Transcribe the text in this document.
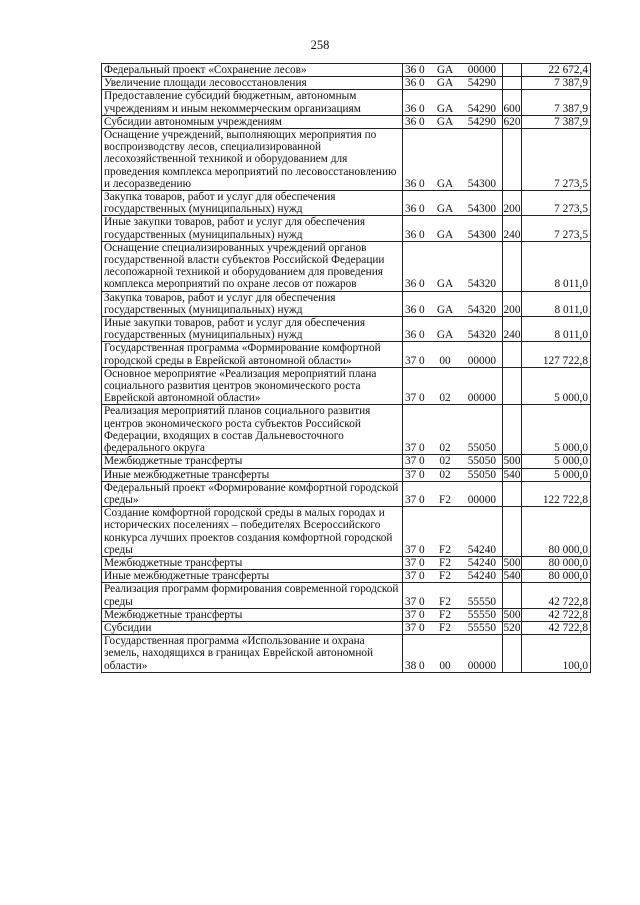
258
Федеральный проект «Сохранение лесов»	36 0 GA 00000		22 672,4
Увеличение площади лесовосстановления	36 0 GA 54290		7 387,9
Предоставление субсидий бюджетным, автономным учреждениям и иным некоммерческим организациям	36 0 GA 54290	600	7 387,9
Субсидии автономным учреждениям	36 0 GA 54290	620	7 387,9
Оснащение учреждений, выполняющих мероприятия по воспроизводству лесов, специализированной лесохозяйственной техникой и оборудованием для проведения комплекса мероприятий по лесовосстановлению и лесоразведению	36 0 GA 54300		7 273,5
Закупка товаров, работ и услуг для обеспечения государственных (муниципальных) нужд	36 0 GA 54300	200	7 273,5
Иные закупки товаров, работ и услуг для обеспечения государственных (муниципальных) нужд	36 0 GA 54300	240	7 273,5
Оснащение специализированных учреждений органов государственной власти субъектов Российской Федерации лесопожарной техникой и оборудованием для проведения комплекса мероприятий по охране лесов от пожаров	36 0 GA 54320		8 011,0
Закупка товаров, работ и услуг для обеспечения государственных (муниципальных) нужд	36 0 GA 54320	200	8 011,0
Иные закупки товаров, работ и услуг для обеспечения государственных (муниципальных) нужд	36 0 GA 54320	240	8 011,0
Государственная программа «Формирование комфортной городской среды в Еврейской автономной области»	37 0 00 00000		127 722,8
Основное мероприятие «Реализация мероприятий плана социального развития центров экономического роста Еврейской автономной области»	37 0 02 00000		5 000,0
Реализация мероприятий планов социального развития центров экономического роста субъектов Российской Федерации, входящих в состав Дальневосточного федерального округа	37 0 02 55050		5 000,0
Межбюджетные трансферты	37 0 02 55050	500	5 000,0
Иные межбюджетные трансферты	37 0 02 55050	540	5 000,0
Федеральный проект «Формирование комфортной городской среды»	37 0 F2 00000		122 722,8
Создание комфортной городской среды в малых городах и исторических поселениях – победителях Всероссийского конкурса лучших проектов создания комфортной городской среды	37 0 F2 54240		80 000,0
Межбюджетные трансферты	37 0 F2 54240	500	80 000,0
Иные межбюджетные трансферты	37 0 F2 54240	540	80 000,0
Реализация программ формирования современной городской среды	37 0 F2 55550		42 722,8
Межбюджетные трансферты	37 0 F2 55550	500	42 722,8
Субсидии	37 0 F2 55550	520	42 722,8
Государственная программа «Использование и охрана земель, находящихся в границах Еврейской автономной области»	38 0 00 00000		100,0
